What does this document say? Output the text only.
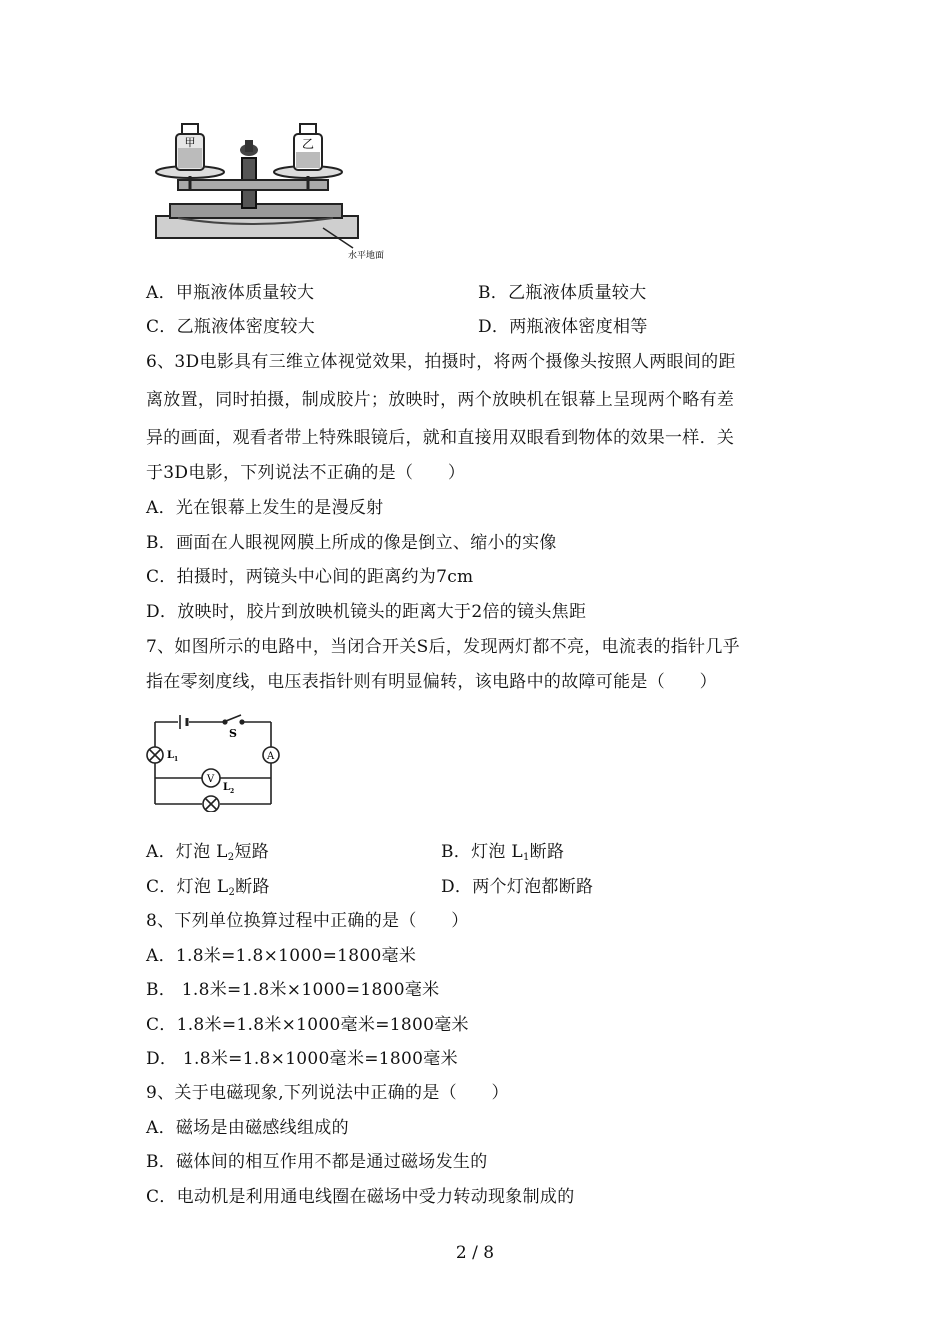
甲	乙
水平地面
A．甲瓶液体质量较大	B．乙瓶液体质量较大
C．乙瓶液体密度较大	D．两瓶液体密度相等
6、3D电影具有三维立体视觉效果，拍摄时，将两个摄像头按照人两眼间的距
离放置，同时拍摄，制成胶片；放映时，两个放映机在银幕上呈现两个略有差
异的画面，观看者带上特殊眼镜后，就和直接用双眼看到物体的效果一样．关
于3D电影，下列说法不正确的是（　　）
A．光在银幕上发生的是漫反射
B．画面在人眼视网膜上所成的像是倒立、缩小的实像
C．拍摄时，两镜头中心间的距离约为7cm
D．放映时，胶片到放映机镜头的距离大于2倍的镜头焦距
7、如图所示的电路中，当闭合开关S后，发现两灯都不亮，电流表的指针几乎
指在零刻度线，电压表指针则有明显偏转，该电路中的故障可能是（　　）
S
A
V
$L_1$
$L_2$
A．灯泡 $L_2$短路	B．灯泡 $L_1$断路
C．灯泡 $L_2$断路	D．两个灯泡都断路
8、下列单位换算过程中正确的是（　　）
A．1.8米=1.8×1000=1800毫米
B． 1.8米=1.8米×1000=1800毫米
C．1.8米=1.8米×1000毫米=1800毫米
D． 1.8米=1.8×1000毫米=1800毫米
9、关于电磁现象,下列说法中正确的是（　　）
A．磁场是由磁感线组成的
B．磁体间的相互作用不都是通过磁场发生的
C．电动机是利用通电线圈在磁场中受力转动现象制成的
2 / 8
